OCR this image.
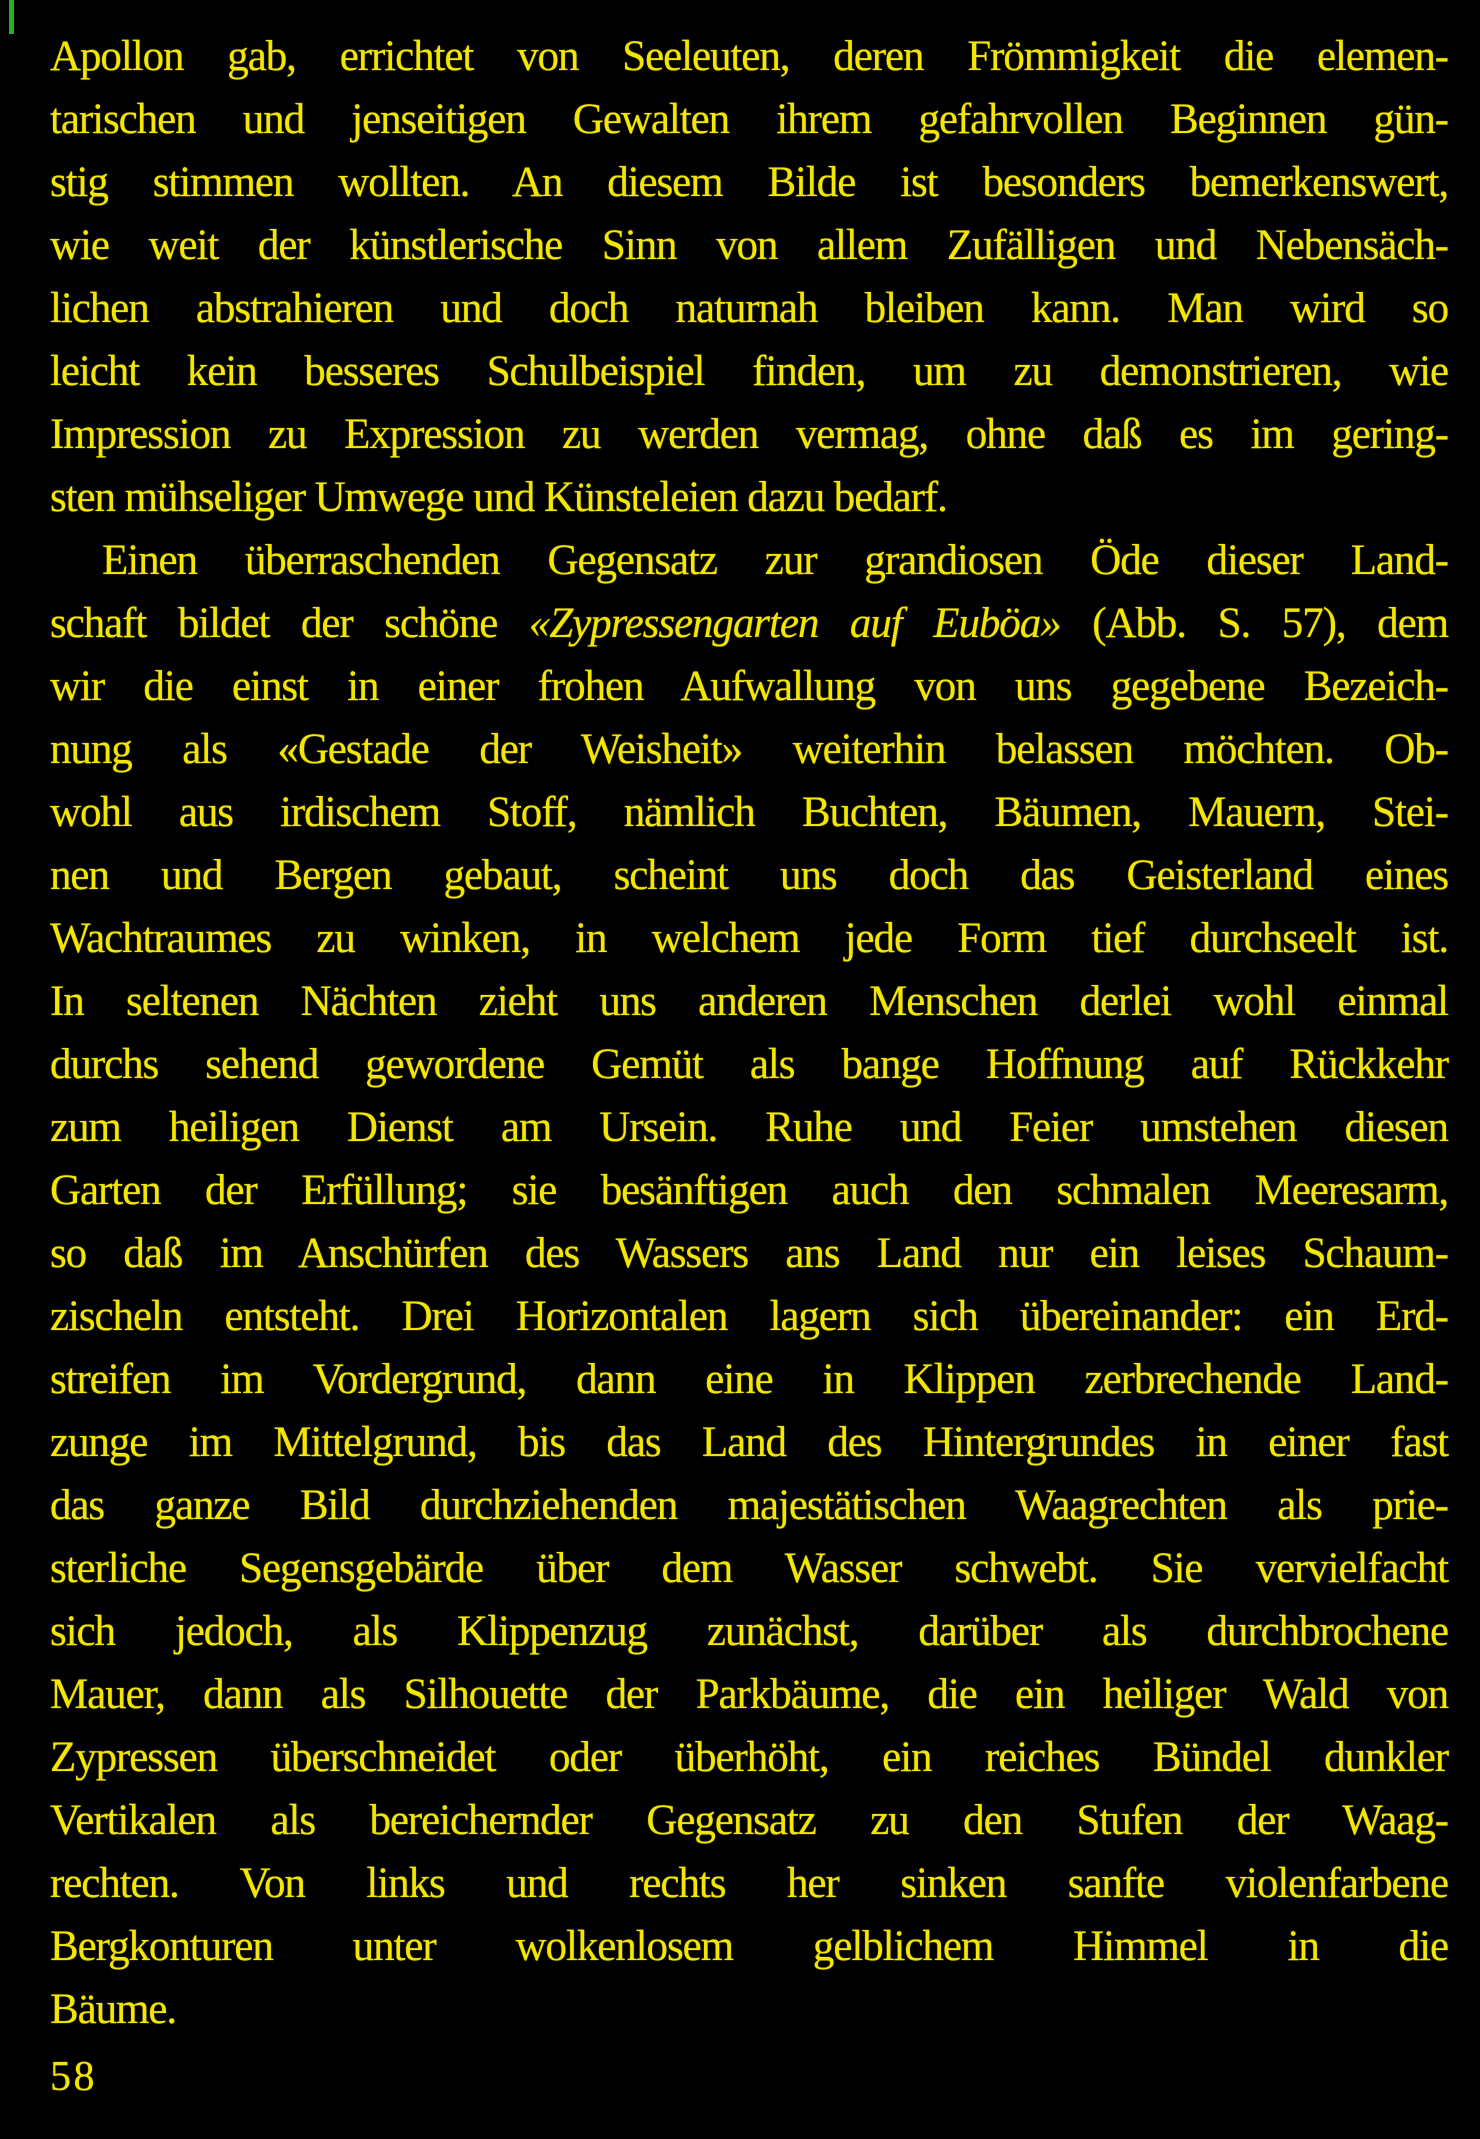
Apollon gab, errichtet von Seeleuten, deren Frömmigkeit die elemen-
tarischen und jenseitigen Gewalten ihrem gefahrvollen Beginnen gün-
stig stimmen wollten. An diesem Bilde ist besonders bemerkenswert,
wie weit der künstlerische Sinn von allem Zufälligen und Nebensäch-
lichen abstrahieren und doch naturnah bleiben kann. Man wird so
leicht kein besseres Schulbeispiel finden, um zu demonstrieren, wie
Impression zu Expression zu werden vermag, ohne daß es im gering-
sten mühseliger Umwege und Künsteleien dazu bedarf.
Einen überraschenden Gegensatz zur grandiosen Öde dieser Land-
schaft bildet der schöne «Zypressengarten auf Euböa» (Abb. S. 57), dem
wir die einst in einer frohen Aufwallung von uns gegebene Bezeich-
nung als «Gestade der Weisheit» weiterhin belassen möchten. Ob-
wohl aus irdischem Stoff, nämlich Buchten, Bäumen, Mauern, Stei-
nen und Bergen gebaut, scheint uns doch das Geisterland eines
Wachtraumes zu winken, in welchem jede Form tief durchseelt ist.
In seltenen Nächten zieht uns anderen Menschen derlei wohl einmal
durchs sehend gewordene Gemüt als bange Hoffnung auf Rückkehr
zum heiligen Dienst am Ursein. Ruhe und Feier umstehen diesen
Garten der Erfüllung; sie besänftigen auch den schmalen Meeresarm,
so daß im Anschürfen des Wassers ans Land nur ein leises Schaum-
zischeln entsteht. Drei Horizontalen lagern sich übereinander: ein Erd-
streifen im Vordergrund, dann eine in Klippen zerbrechende Land-
zunge im Mittelgrund, bis das Land des Hintergrundes in einer fast
das ganze Bild durchziehenden majestätischen Waagrechten als prie-
sterliche Segensgebärde über dem Wasser schwebt. Sie vervielfacht
sich jedoch, als Klippenzug zunächst, darüber als durchbrochene
Mauer, dann als Silhouette der Parkbäume, die ein heiliger Wald von
Zypressen überschneidet oder überhöht, ein reiches Bündel dunkler
Vertikalen als bereichernder Gegensatz zu den Stufen der Waag-
rechten. Von links und rechts her sinken sanfte violenfarbene
Bergkonturen unter wolkenlosem gelblichem Himmel in die
Bäume.
58
